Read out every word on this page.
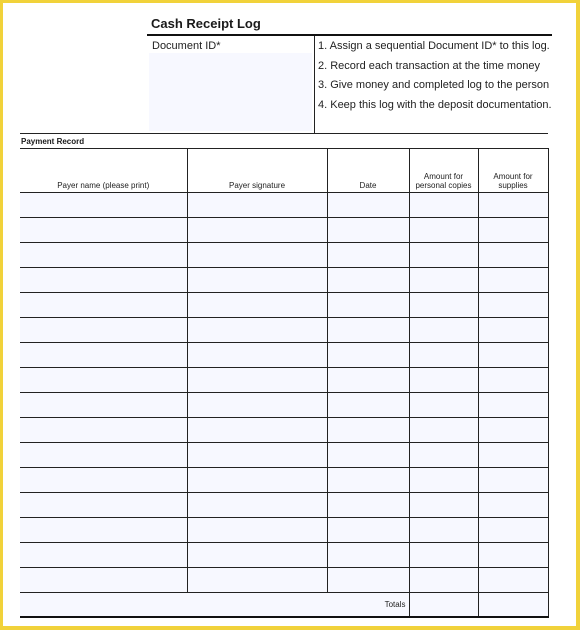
Cash Receipt Log
Document ID*	1. Assign a sequential Document ID* to this log.
2. Record each transaction at the time money
3. Give money and completed log to the person
4. Keep this log with the deposit documentation.
Payment Record
Payer name (please print)	Payer signature	Date	Amount for personal copies	Amount for supplies

Totals				
